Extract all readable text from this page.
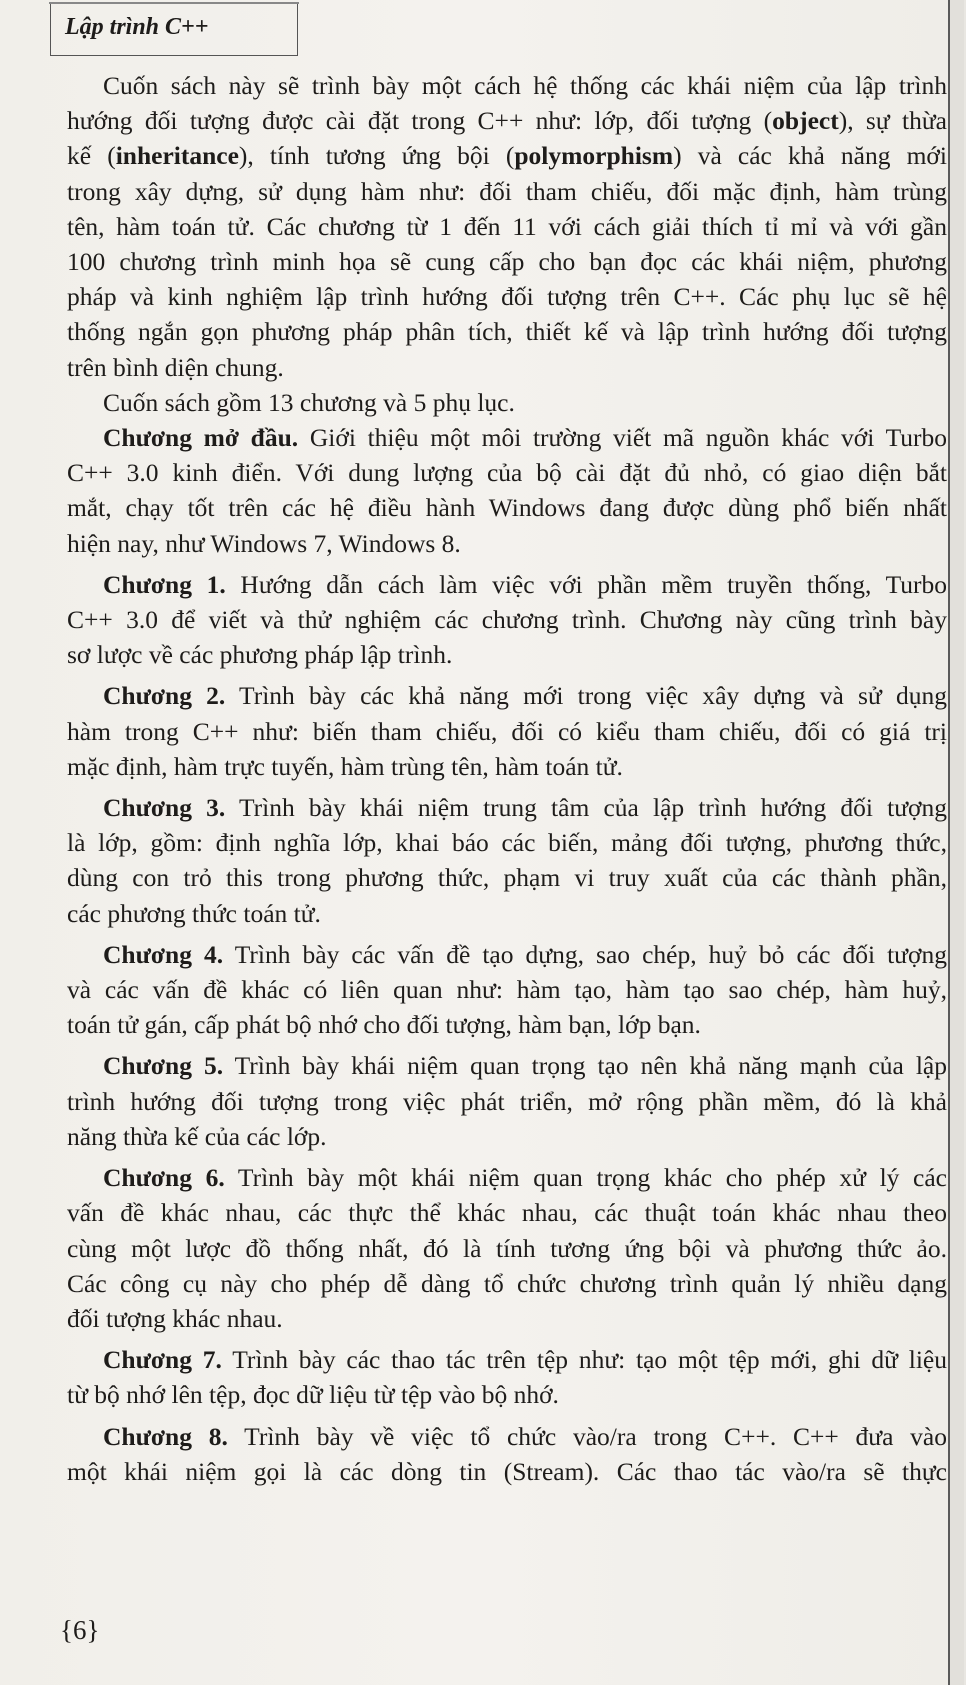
Lập trình C++

Cuốn sách này sẽ trình bày một cách hệ thống các khái niệm của lập trình
hướng đối tượng được cài đặt trong C++ như: lớp, đối tượng (object), sự thừa
kế (inheritance), tính tương ứng bội (polymorphism) và các khả năng mới
trong xây dựng, sử dụng hàm như: đối tham chiếu, đối mặc định, hàm trùng
tên, hàm toán tử. Các chương từ 1 đến 11 với cách giải thích tỉ mỉ và với gần
100 chương trình minh họa sẽ cung cấp cho bạn đọc các khái niệm, phương
pháp và kinh nghiệm lập trình hướng đối tượng trên C++. Các phụ lục sẽ hệ
thống ngắn gọn phương pháp phân tích, thiết kế và lập trình hướng đối tượng
trên bình diện chung.

Cuốn sách gồm 13 chương và 5 phụ lục.

Chương mở đầu. Giới thiệu một môi trường viết mã nguồn khác với Turbo
C++ 3.0 kinh điển. Với dung lượng của bộ cài đặt đủ nhỏ, có giao diện bắt
mắt, chạy tốt trên các hệ điều hành Windows đang được dùng phổ biến nhất
hiện nay, như Windows 7, Windows 8.

Chương 1. Hướng dẫn cách làm việc với phần mềm truyền thống, Turbo
C++ 3.0 để viết và thử nghiệm các chương trình. Chương này cũng trình bày
sơ lược về các phương pháp lập trình.

Chương 2. Trình bày các khả năng mới trong việc xây dựng và sử dụng
hàm trong C++ như: biến tham chiếu, đối có kiểu tham chiếu, đối có giá trị
mặc định, hàm trực tuyến, hàm trùng tên, hàm toán tử.

Chương 3. Trình bày khái niệm trung tâm của lập trình hướng đối tượng
là lớp, gồm: định nghĩa lớp, khai báo các biến, mảng đối tượng, phương thức,
dùng con trỏ this trong phương thức, phạm vi truy xuất của các thành phần,
các phương thức toán tử.

Chương 4. Trình bày các vấn đề tạo dựng, sao chép, huỷ bỏ các đối tượng
và các vấn đề khác có liên quan như: hàm tạo, hàm tạo sao chép, hàm huỷ,
toán tử gán, cấp phát bộ nhớ cho đối tượng, hàm bạn, lớp bạn.

Chương 5. Trình bày khái niệm quan trọng tạo nên khả năng mạnh của lập
trình hướng đối tượng trong việc phát triển, mở rộng phần mềm, đó là khả
năng thừa kế của các lớp.

Chương 6. Trình bày một khái niệm quan trọng khác cho phép xử lý các
vấn đề khác nhau, các thực thể khác nhau, các thuật toán khác nhau theo
cùng một lược đồ thống nhất, đó là tính tương ứng bội và phương thức ảo.
Các công cụ này cho phép dễ dàng tổ chức chương trình quản lý nhiều dạng
đối tượng khác nhau.

Chương 7. Trình bày các thao tác trên tệp như: tạo một tệp mới, ghi dữ liệu
từ bộ nhớ lên tệp, đọc dữ liệu từ tệp vào bộ nhớ.

Chương 8. Trình bày về việc tổ chức vào/ra trong C++. C++ đưa vào
một khái niệm gọi là các dòng tin (Stream). Các thao tác vào/ra sẽ thực

{6}
